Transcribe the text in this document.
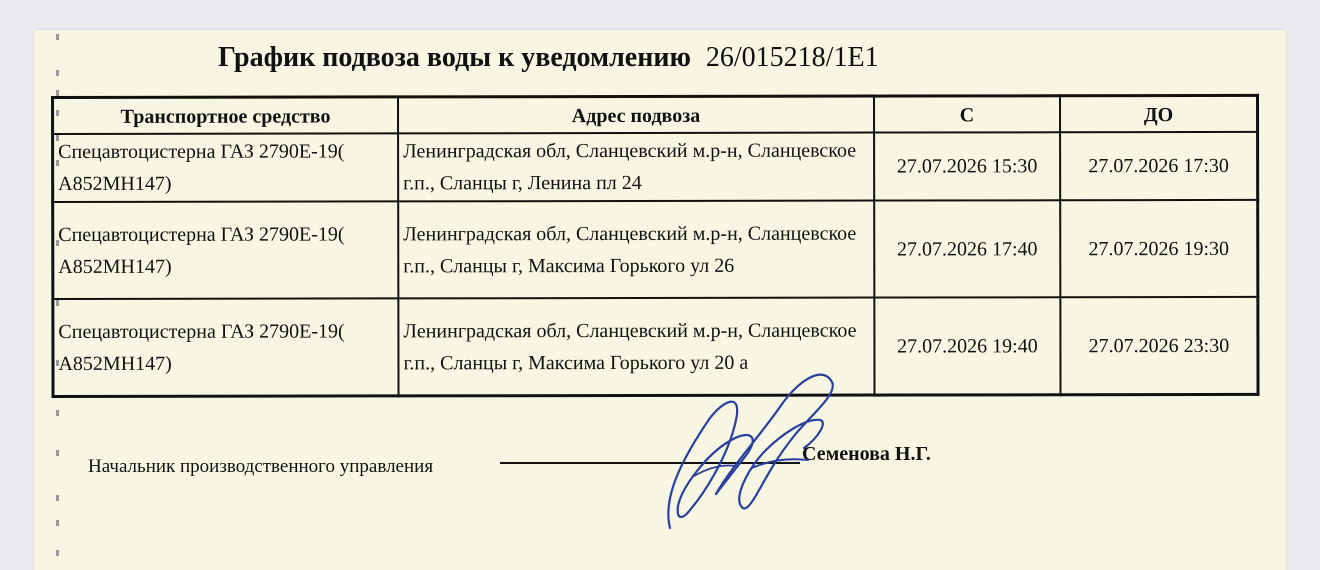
График подвоза воды к уведомлению 26/015218/1E1
Транспортное средство	Адрес подвоза	С	ДО
Спецавтоцистерна ГАЗ 2790Е-19( А852МН147)	Ленинградская обл, Сланцевский м.р-н, Сланцевское г.п., Сланцы г, Ленина пл 24	27.07.2026 15:30	27.07.2026 17:30
Спецавтоцистерна ГАЗ 2790Е-19( А852МН147)	Ленинградская обл, Сланцевский м.р-н, Сланцевское г.п., Сланцы г, Максима Горького ул 26	27.07.2026 17:40	27.07.2026 19:30
Спецавтоцистерна ГАЗ 2790Е-19( А852МН147)	Ленинградская обл, Сланцевский м.р-н, Сланцевское г.п., Сланцы г, Максима Горького ул 20 а	27.07.2026 19:40	27.07.2026 23:30
Начальник производственного управления
Семенова Н.Г.
